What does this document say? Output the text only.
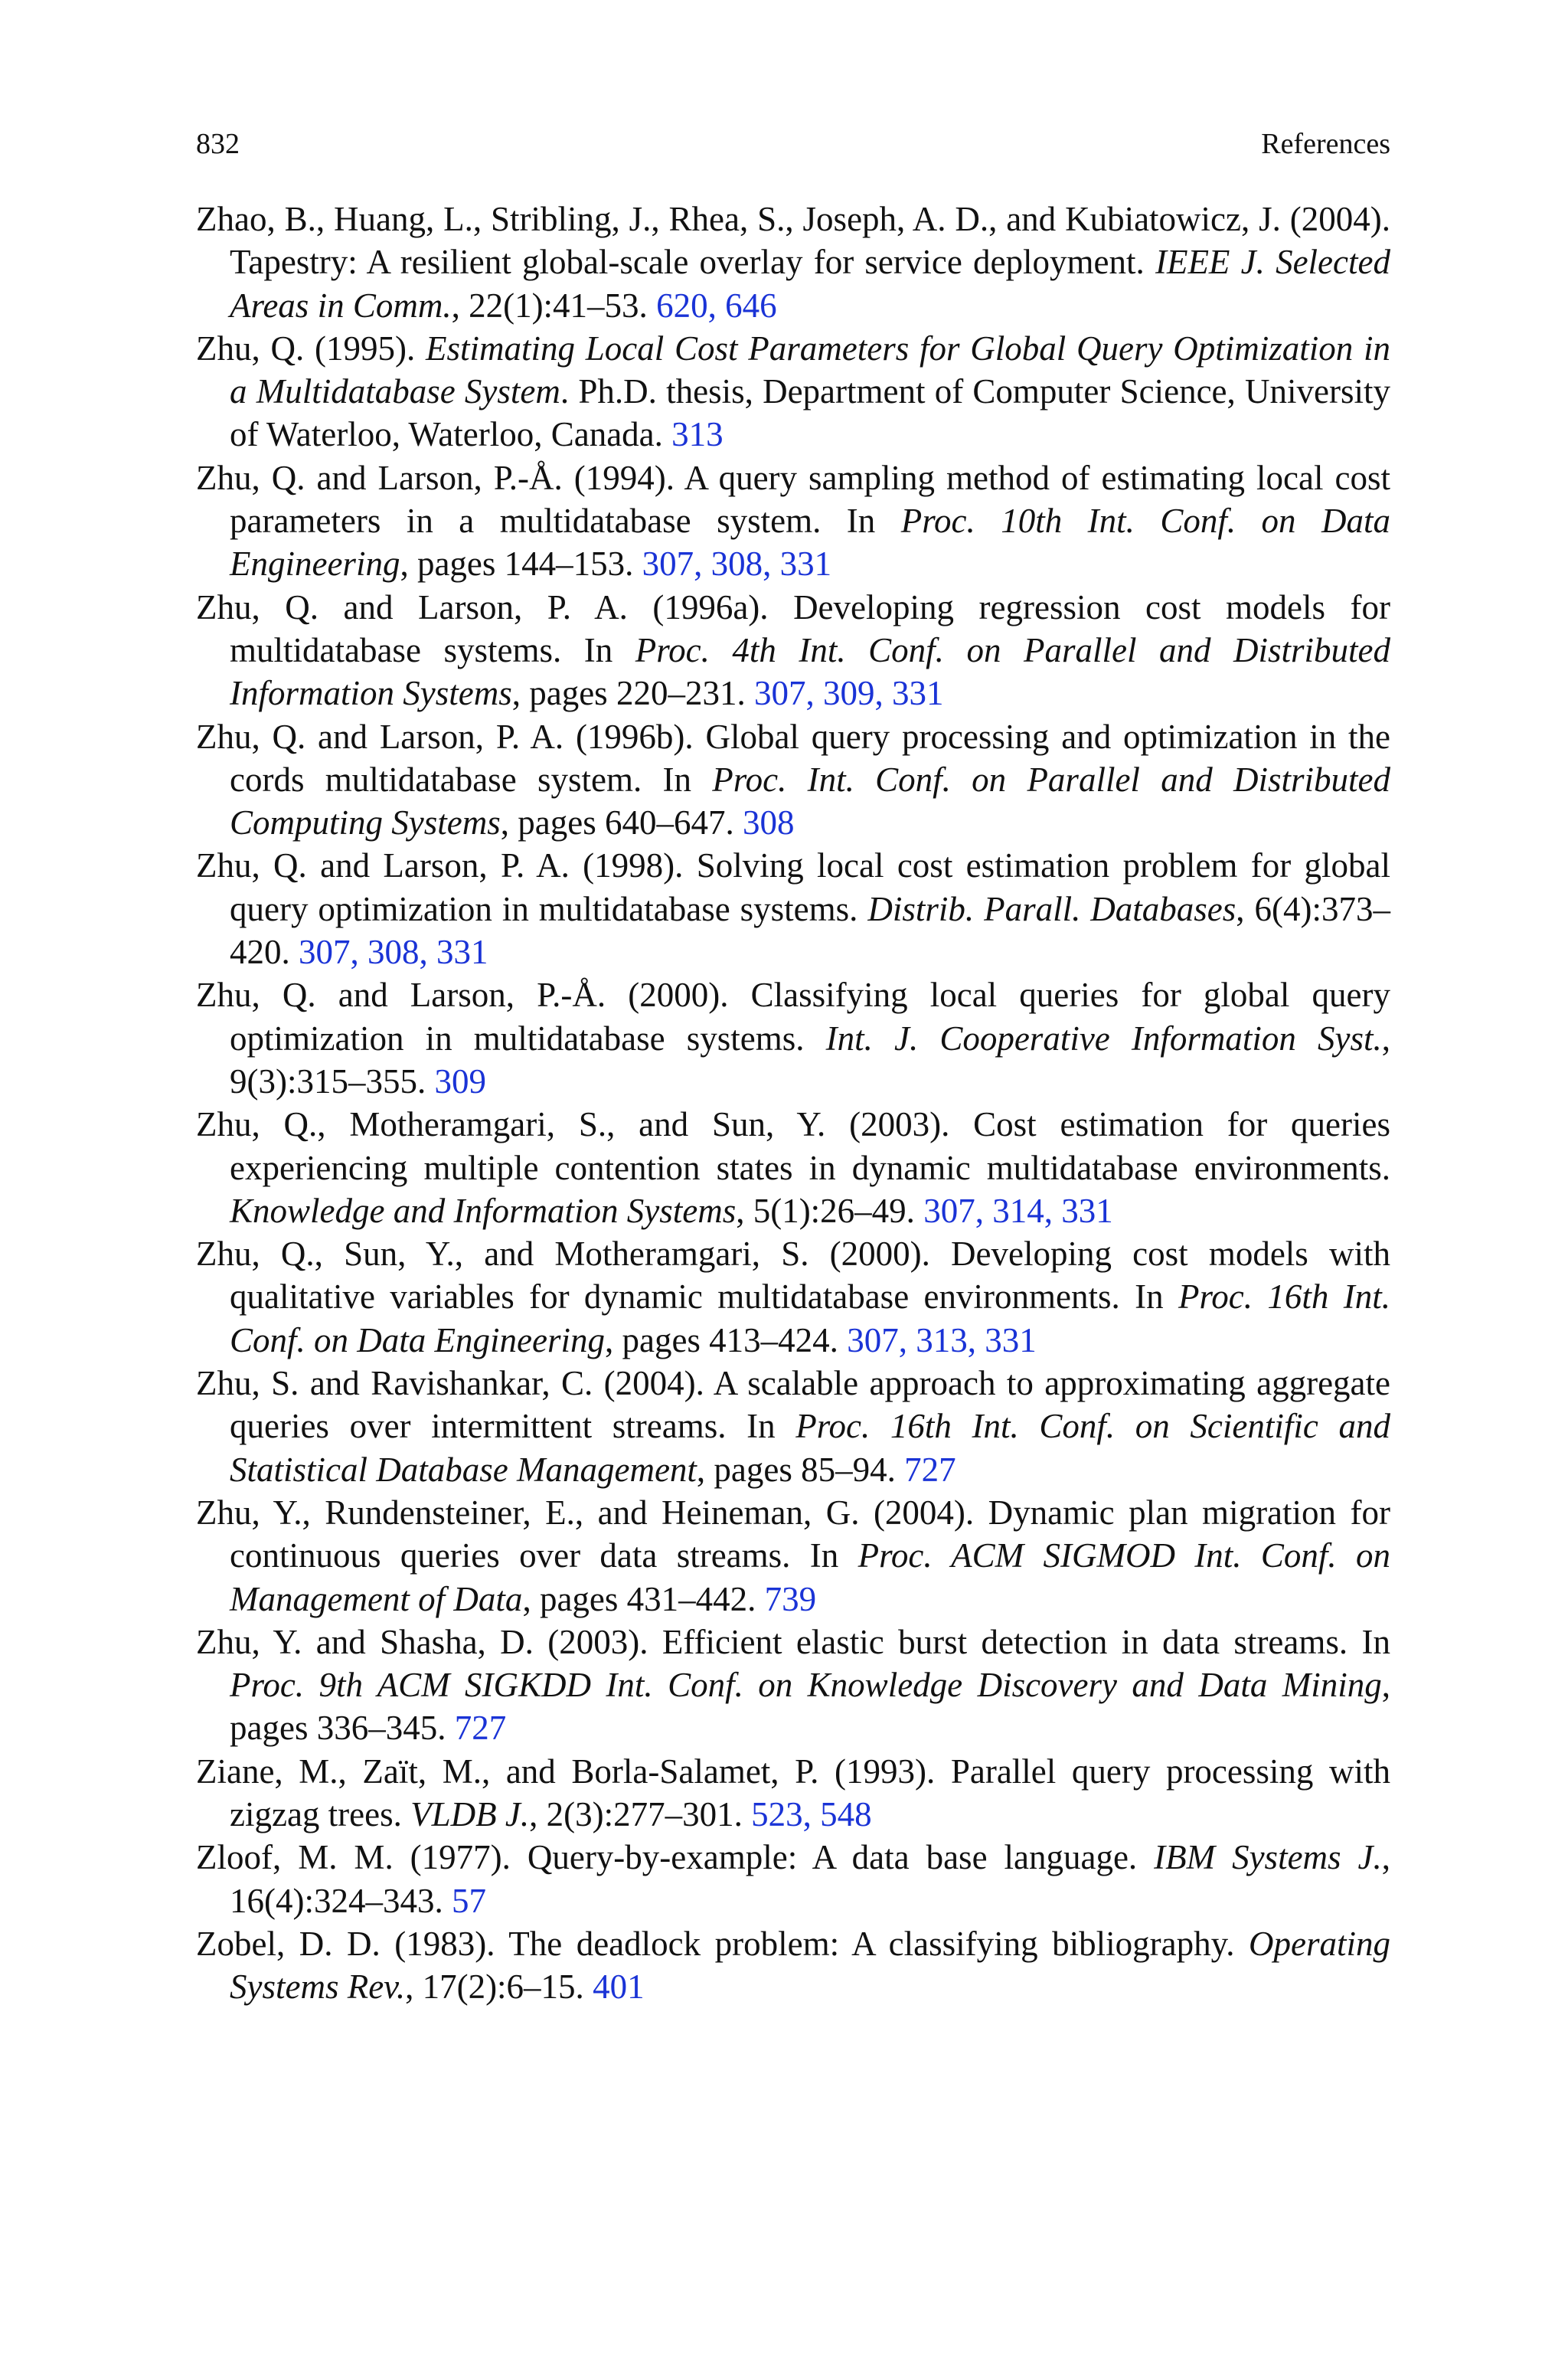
832	References
Zhao, B., Huang, L., Stribling, J., Rhea, S., Joseph, A. D., and Kubiatowicz, J. (2004). Tapestry: A resilient global-scale overlay for service deployment. IEEE J. Selected Areas in Comm., 22(1):41–53. 620, 646
Zhu, Q. (1995). Estimating Local Cost Parameters for Global Query Optimization in a Multidatabase System. Ph.D. thesis, Department of Computer Science, University of Waterloo, Waterloo, Canada. 313
Zhu, Q. and Larson, P.-Å. (1994). A query sampling method of estimating local cost parameters in a multidatabase system. In Proc. 10th Int. Conf. on Data Engineering, pages 144–153. 307, 308, 331
Zhu, Q. and Larson, P. A. (1996a). Developing regression cost models for multidatabase systems. In Proc. 4th Int. Conf. on Parallel and Distributed Information Systems, pages 220–231. 307, 309, 331
Zhu, Q. and Larson, P. A. (1996b). Global query processing and optimization in the cords multidatabase system. In Proc. Int. Conf. on Parallel and Distributed Computing Systems, pages 640–647. 308
Zhu, Q. and Larson, P. A. (1998). Solving local cost estimation problem for global query optimization in multidatabase systems. Distrib. Parall. Databases, 6(4):373–420. 307, 308, 331
Zhu, Q. and Larson, P.-Å. (2000). Classifying local queries for global query optimization in multidatabase systems. Int. J. Cooperative Information Syst., 9(3):315–355. 309
Zhu, Q., Motheramgari, S., and Sun, Y. (2003). Cost estimation for queries experiencing multiple contention states in dynamic multidatabase environments. Knowledge and Information Systems, 5(1):26–49. 307, 314, 331
Zhu, Q., Sun, Y., and Motheramgari, S. (2000). Developing cost models with qualitative variables for dynamic multidatabase environments. In Proc. 16th Int. Conf. on Data Engineering, pages 413–424. 307, 313, 331
Zhu, S. and Ravishankar, C. (2004). A scalable approach to approximating aggregate queries over intermittent streams. In Proc. 16th Int. Conf. on Scientific and Statistical Database Management, pages 85–94. 727
Zhu, Y., Rundensteiner, E., and Heineman, G. (2004). Dynamic plan migration for continuous queries over data streams. In Proc. ACM SIGMOD Int. Conf. on Management of Data, pages 431–442. 739
Zhu, Y. and Shasha, D. (2003). Efficient elastic burst detection in data streams. In Proc. 9th ACM SIGKDD Int. Conf. on Knowledge Discovery and Data Mining, pages 336–345. 727
Ziane, M., Zaït, M., and Borla-Salamet, P. (1993). Parallel query processing with zigzag trees. VLDB J., 2(3):277–301. 523, 548
Zloof, M. M. (1977). Query-by-example: A data base language. IBM Systems J., 16(4):324–343. 57
Zobel, D. D. (1983). The deadlock problem: A classifying bibliography. Operating Systems Rev., 17(2):6–15. 401
